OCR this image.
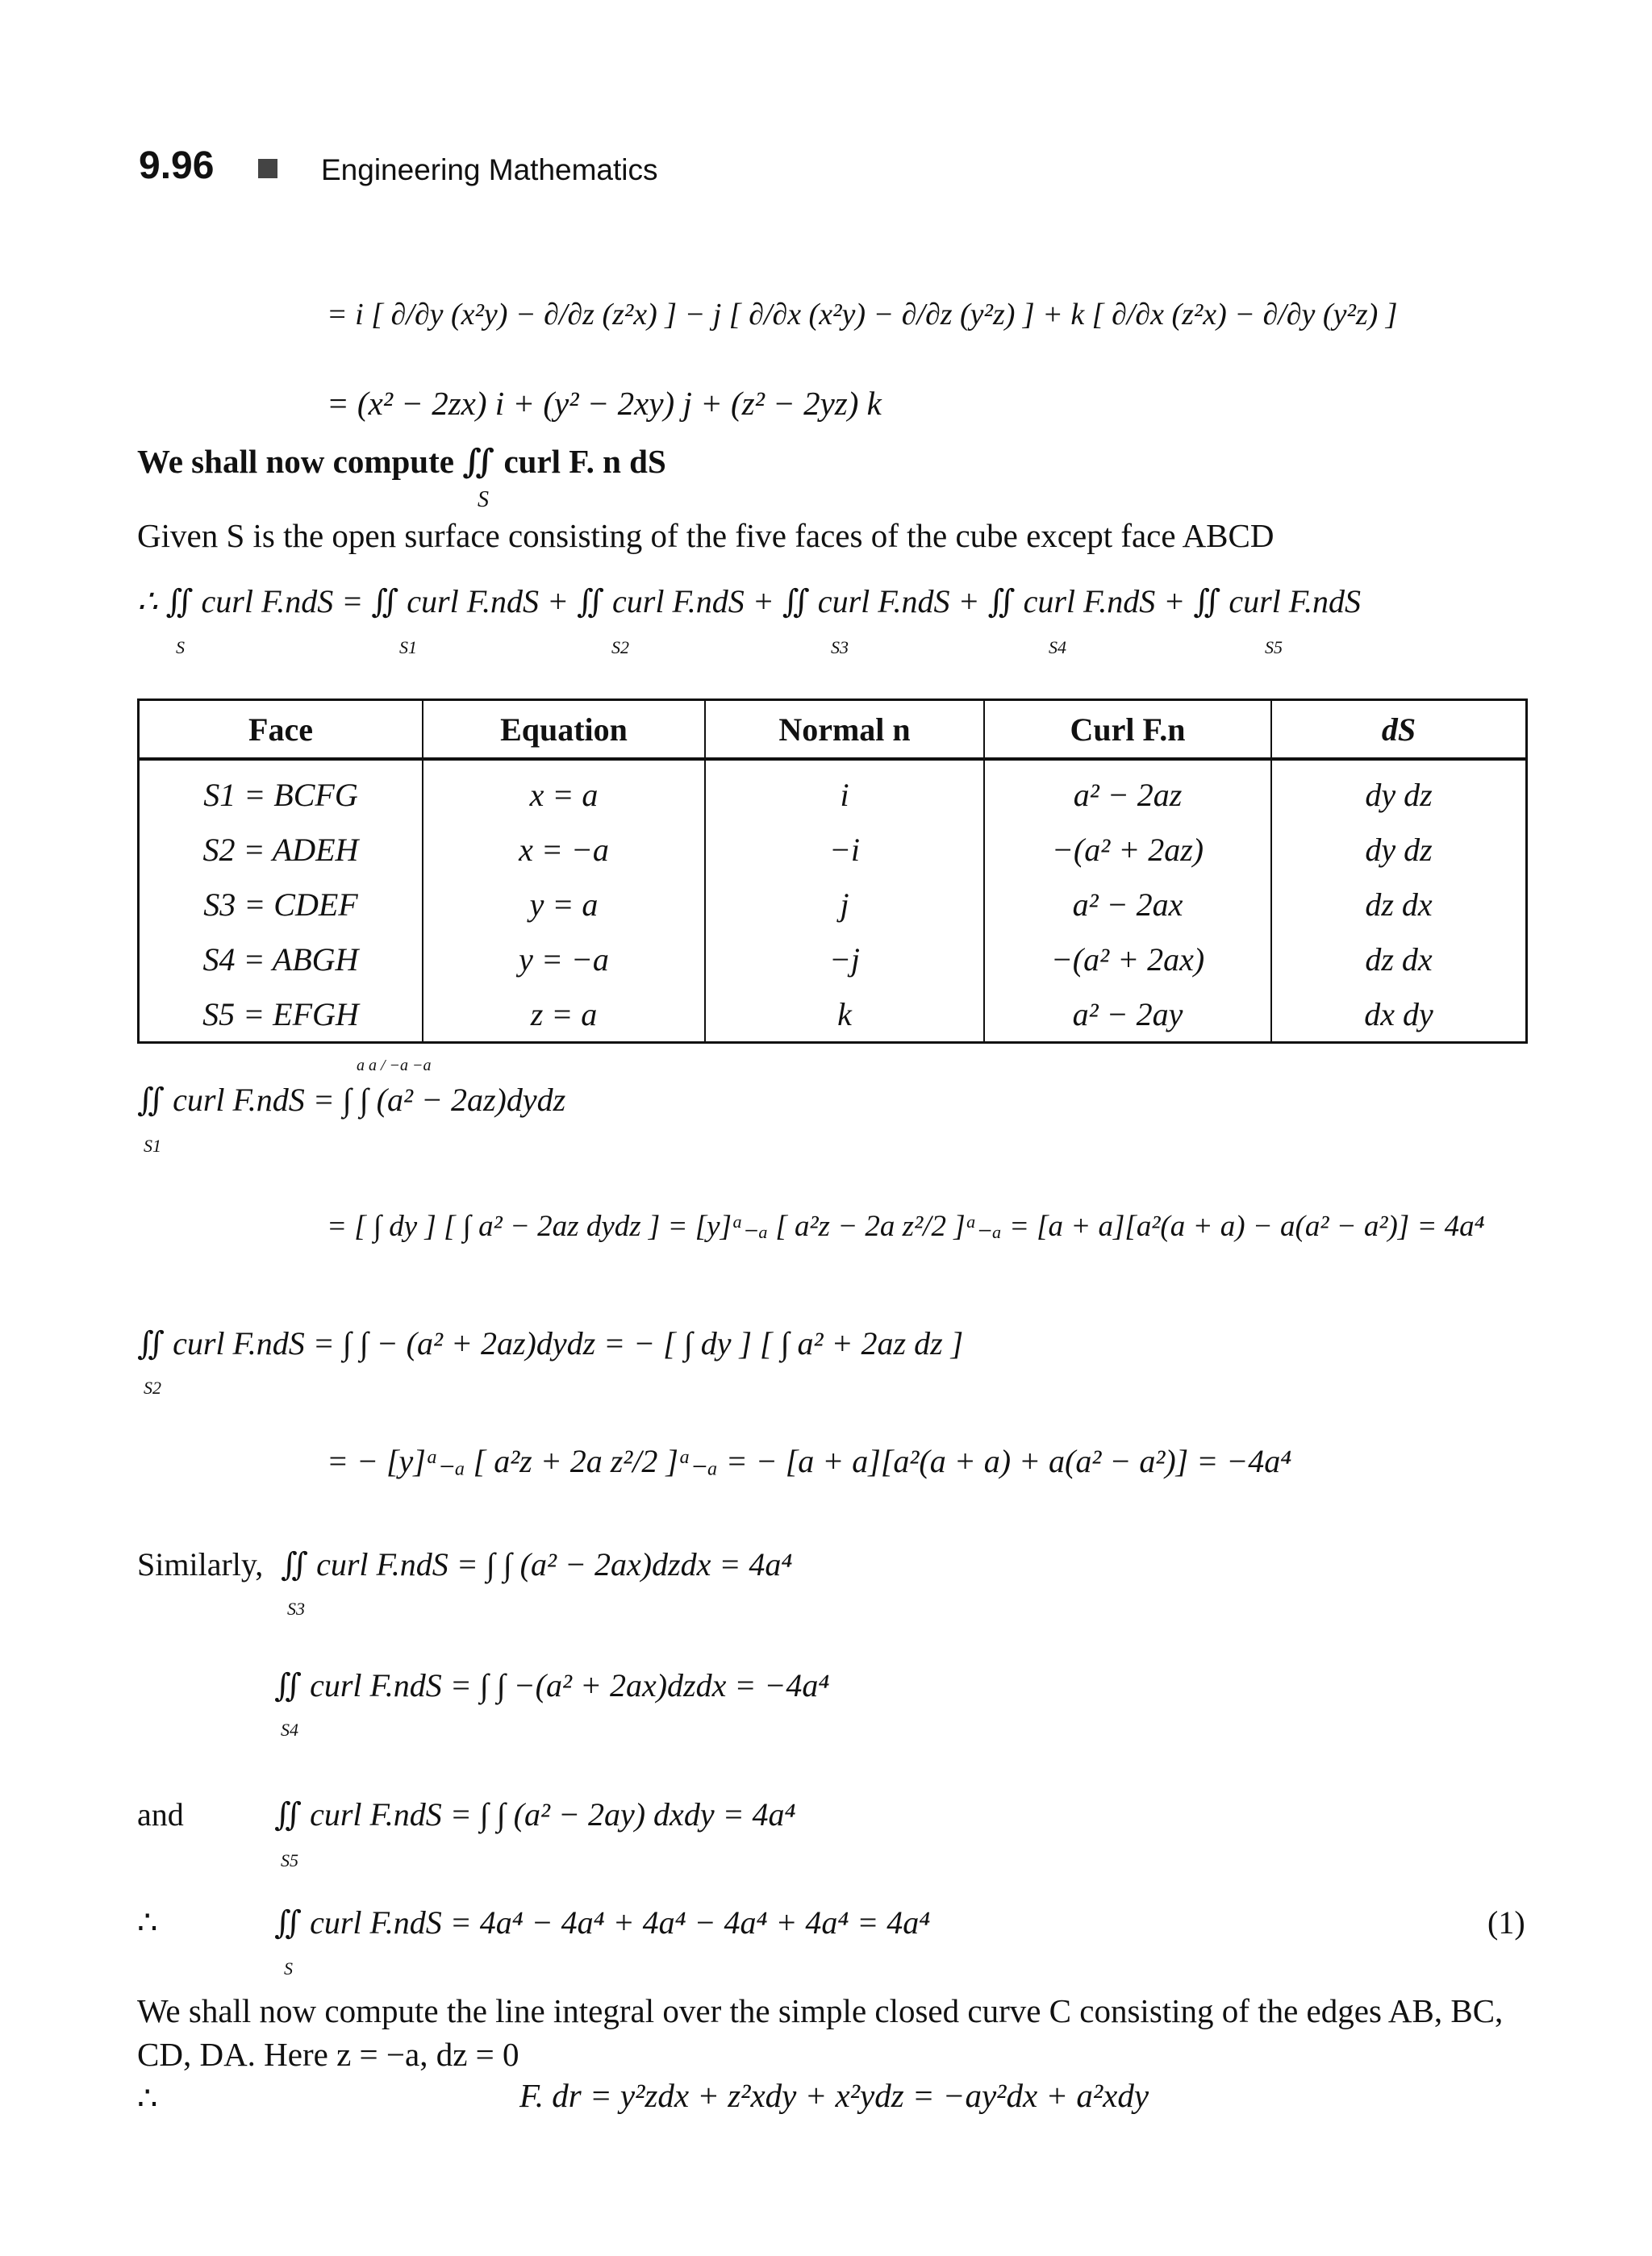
9.96	Engineering Mathematics
= i [ ∂/∂y (x²y) − ∂/∂z (z²x) ] − j [ ∂/∂x (x²y) − ∂/∂z (y²z) ] + k [ ∂/∂x (z²x) − ∂/∂y (y²z) ]
= (x² − 2zx) i + (y² − 2xy) j + (z² − 2yz) k
We shall now compute ∬ curl F. n dS
S
Given S is the open surface consisting of the five faces of the cube except face ABCD
∴ ∬ curl F.ndS = ∬ curl F.ndS + ∬ curl F.ndS + ∬ curl F.ndS + ∬ curl F.ndS + ∬ curl F.ndS
S	S1	S2	S3	S4	S5
Face	Equation	Normal n	Curl F.n	dS
S1 = BCFG	x = a	i	a² − 2az	dy dz
S2 = ADEH	x = −a	−i	−(a² + 2az)	dy dz
S3 = CDEF	y = a	j	a² − 2ax	dz dx
S4 = ABGH	y = −a	−j	−(a² + 2ax)	dz dx
S5 = EFGH	z = a	k	a² − 2ay	dx dy
∬ curl F.ndS = ∫ ∫ (a² − 2az)dydz
a a / −a −a
S1
= [ ∫ dy ] [ ∫ a² − 2az dydz ] = [y]ᵃ₋ₐ [ a²z − 2a z²/2 ]ᵃ₋ₐ = [a + a][a²(a + a) − a(a² − a²)] = 4a⁴
∬ curl F.ndS = ∫ ∫ − (a² + 2az)dydz = − [ ∫ dy ] [ ∫ a² + 2az dz ]
S2
= − [y]ᵃ₋ₐ [ a²z + 2a z²/2 ]ᵃ₋ₐ = − [a + a][a²(a + a) + a(a² − a²)] = −4a⁴
Similarly, ∬ curl F.ndS = ∫ ∫ (a² − 2ax)dzdx = 4a⁴
S3
∬ curl F.ndS = ∫ ∫ −(a² + 2ax)dzdx = −4a⁴
S4
and	∬ curl F.ndS = ∫ ∫ (a² − 2ay) dxdy = 4a⁴
S5
∴	∬ curl F.ndS = 4a⁴ − 4a⁴ + 4a⁴ − 4a⁴ + 4a⁴ = 4a⁴
S
(1)
We shall now compute the line integral over the simple closed curve C consisting of the edges AB, BC, CD, DA. Here z = −a, dz = 0
∴	F. dr = y²zdx + z²xdy + x²ydz = −ay²dx + a²xdy
